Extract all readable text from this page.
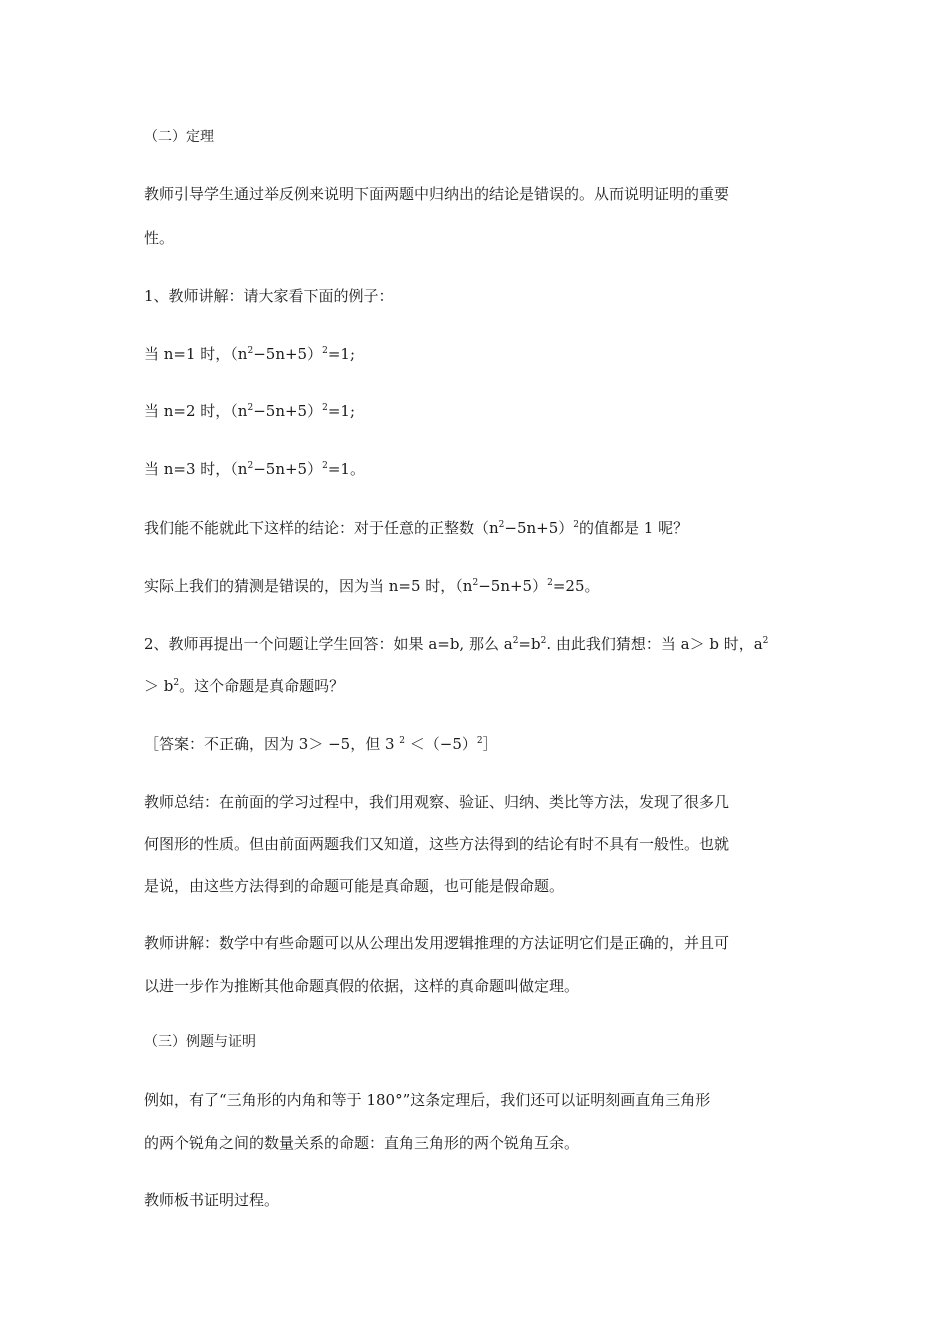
（二）定理
教师引导学生通过举反例来说明下面两题中归纳出的结论是错误的。从而说明证明的重要
性。
1、教师讲解：请大家看下面的例子：
当 n=1 时，$(n^2-5n+5)^2=1$;
当 n=2 时，$(n^2-5n+5)^2=1$;
当 n=3 时，$(n^2-5n+5)^2=1$。
我们能不能就此下这样的结论：对于任意的正整数$(n^2-5n+5)^2$的值都是 1 呢？
实际上我们的猜测是错误的，因为当 n=5 时，$(n^2-5n+5)^2=25$。
2、教师再提出一个问题让学生回答：如果 a=b, 那么 $a^2=b^2$. 由此我们猜想：当 a＞ b 时，$a^2$
＞ $b^2$。这个命题是真命题吗？
［答案：不正确，因为 3＞ −5，但 3 $^2 <(-5)^2]$
教师总结：在前面的学习过程中，我们用观察、验证、归纳、类比等方法，发现了很多几
何图形的性质。但由前面两题我们又知道，这些方法得到的结论有时不具有一般性。也就
是说，由这些方法得到的命题可能是真命题，也可能是假命题。
教师讲解：数学中有些命题可以从公理出发用逻辑推理的方法证明它们是正确的，并且可
以进一步作为推断其他命题真假的依据，这样的真命题叫做定理。
（三）例题与证明
例如，有了“三角形的内角和等于 180°”这条定理后，我们还可以证明刻画直角三角形
的两个锐角之间的数量关系的命题：直角三角形的两个锐角互余。
教师板书证明过程。
